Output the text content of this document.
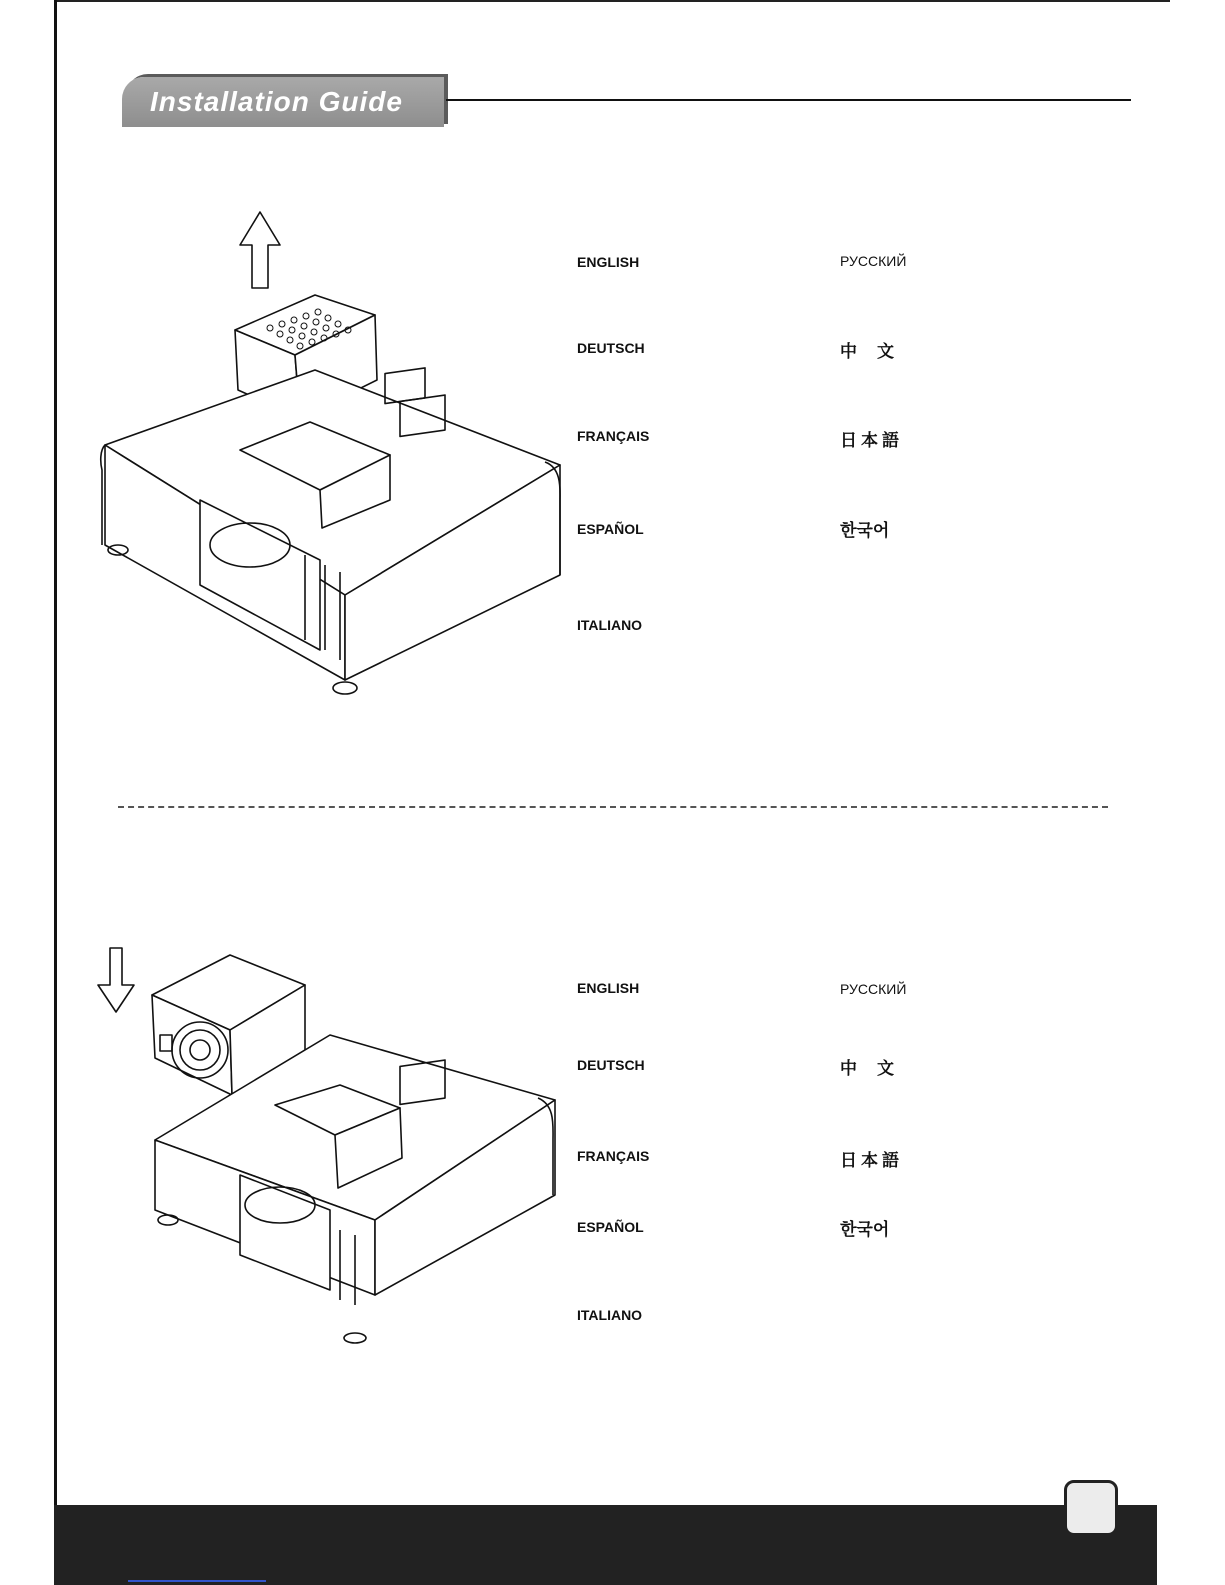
Installation Guide
ENGLISH
DEUTSCH
FRANÇAIS
ESPAÑOL
ITALIANO
РУССКИЙ
中文
日本語
한국어
ENGLISH
DEUTSCH
FRANÇAIS
ESPAÑOL
ITALIANO
РУССКИЙ
中文
日本語
한국어
